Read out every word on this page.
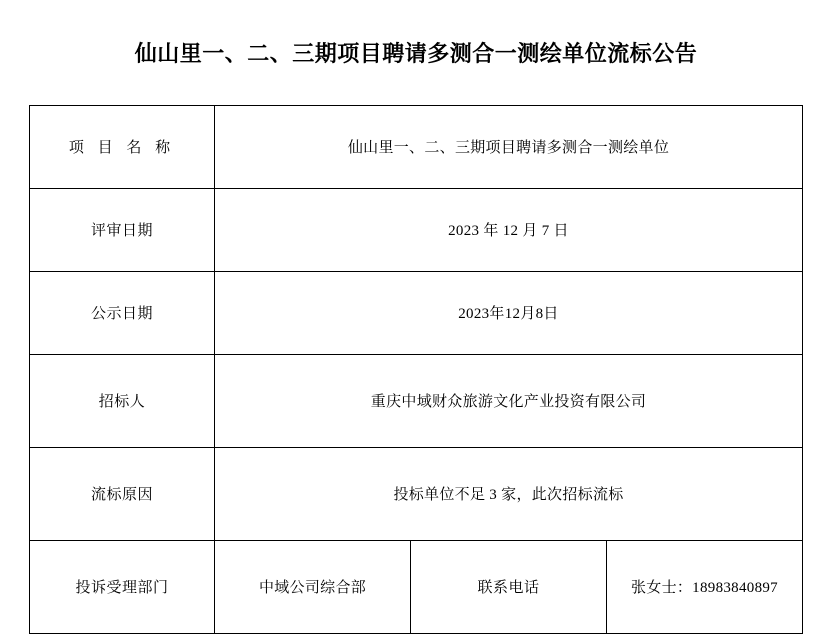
仙山里一、二、三期项目聘请多测合一测绘单位流标公告
项 目 名 称	仙山里一、二、三期项目聘请多测合一测绘单位		
评审日期	2023 年 12 月 7 日		
公示日期	2023年12月8日		
招标人	重庆中域财众旅游文化产业投资有限公司		
流标原因	投标单位不足 3 家，此次招标流标		
投诉受理部门	中域公司综合部	联系电话	张女士：18983840897
